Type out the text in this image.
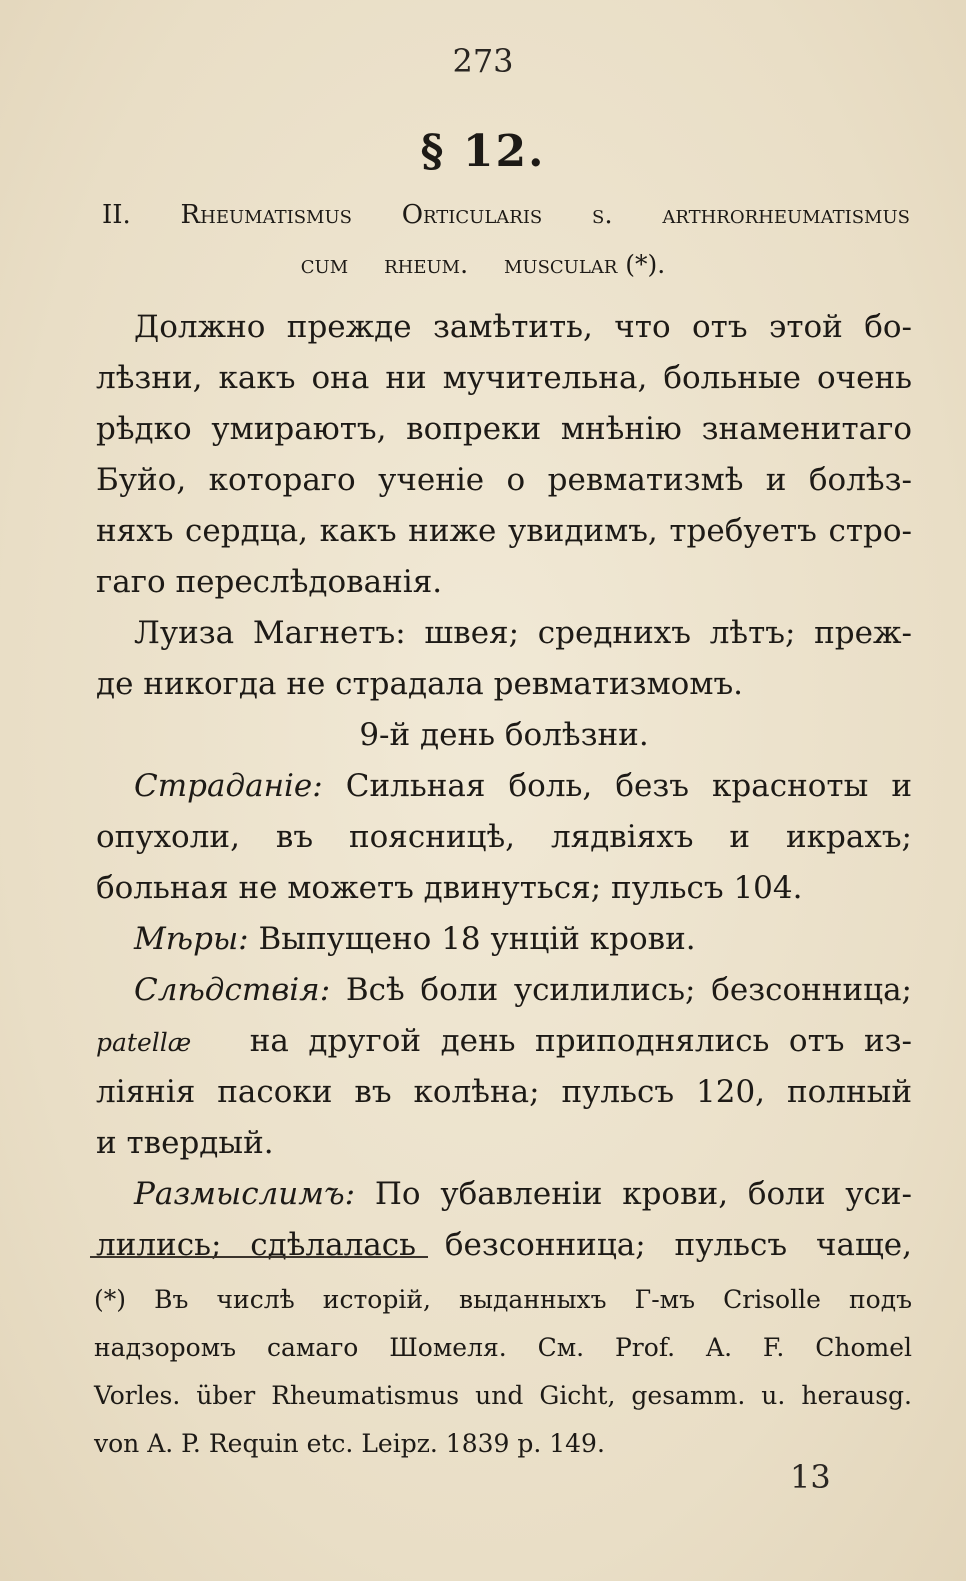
273
§ 12.
II. Rheumatismus Orticularis s. arthrorheumatismus
cum rheum. muscular (*).
Должно прежде замѣтить, что отъ этой бо-
лѣзни, какъ она ни мучительна, больные очень
рѣдко умираютъ, вопреки мнѣнію знаменитаго
Буйо, котораго ученіе о ревматизмѣ и болѣз-
няхъ сердца, какъ ниже увидимъ, требуетъ стро-
гаго переслѣдованія.
Луиза Магнетъ: швея; среднихъ лѣтъ; преж-
де никогда не страдала ревматизмомъ.
9-й день болѣзни.
Страданіе: Сильная боль, безъ красноты и
опухоли, въ поясницѣ, лядвіяхъ и икрахъ;
больная не можетъ двинуться; пульсъ 104.
Мѣры: Выпущено 18 унцій крови.
Слѣдствія: Всѣ боли усилились; безсонница;
patellæ на другой день приподнялись отъ из-
ліянія пасоки въ колѣна; пульсъ 120, полный
и твердый.
Размыслимъ: По убавленіи крови, боли уси-
лились; сдѣлалась безсонница; пульсъ чаще,
(*) Въ числѣ исторій, выданныхъ Г-мъ Crisolle подъ
надзоромъ самаго Шомеля. См. Prof. A. F. Chomel
Vorles. über Rheumatismus und Gicht, gesamm. u. herausg.
von A. P. Requin etc. Leipz. 1839 p. 149.
13
